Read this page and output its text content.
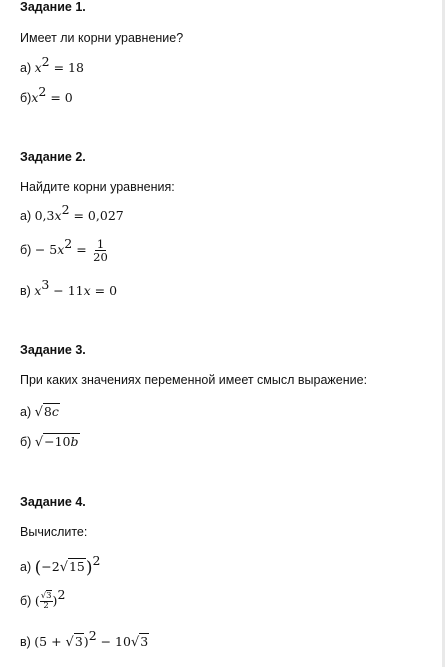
Задание 1.
Имеет ли корни уравнение?
а) $x^2 = 18$
$б)x^2 = 0$
Задание 2.
Найдите корни уравнения:
а) $0,3x^2 = 0,027$
$б) - 5x^2 = \frac{1}{20}$
в) $x^3 - 11x = 0$
Задание 3.
При каких значениях переменной имеет смысл выражение:
а) √8c
б) √−10b
Задание 4.
Вычислите:
а) $(-2√15)^2$
б) ( $\frac{√3}{2} )^2$
в) $(5 + √3)^2 - 10√3$
